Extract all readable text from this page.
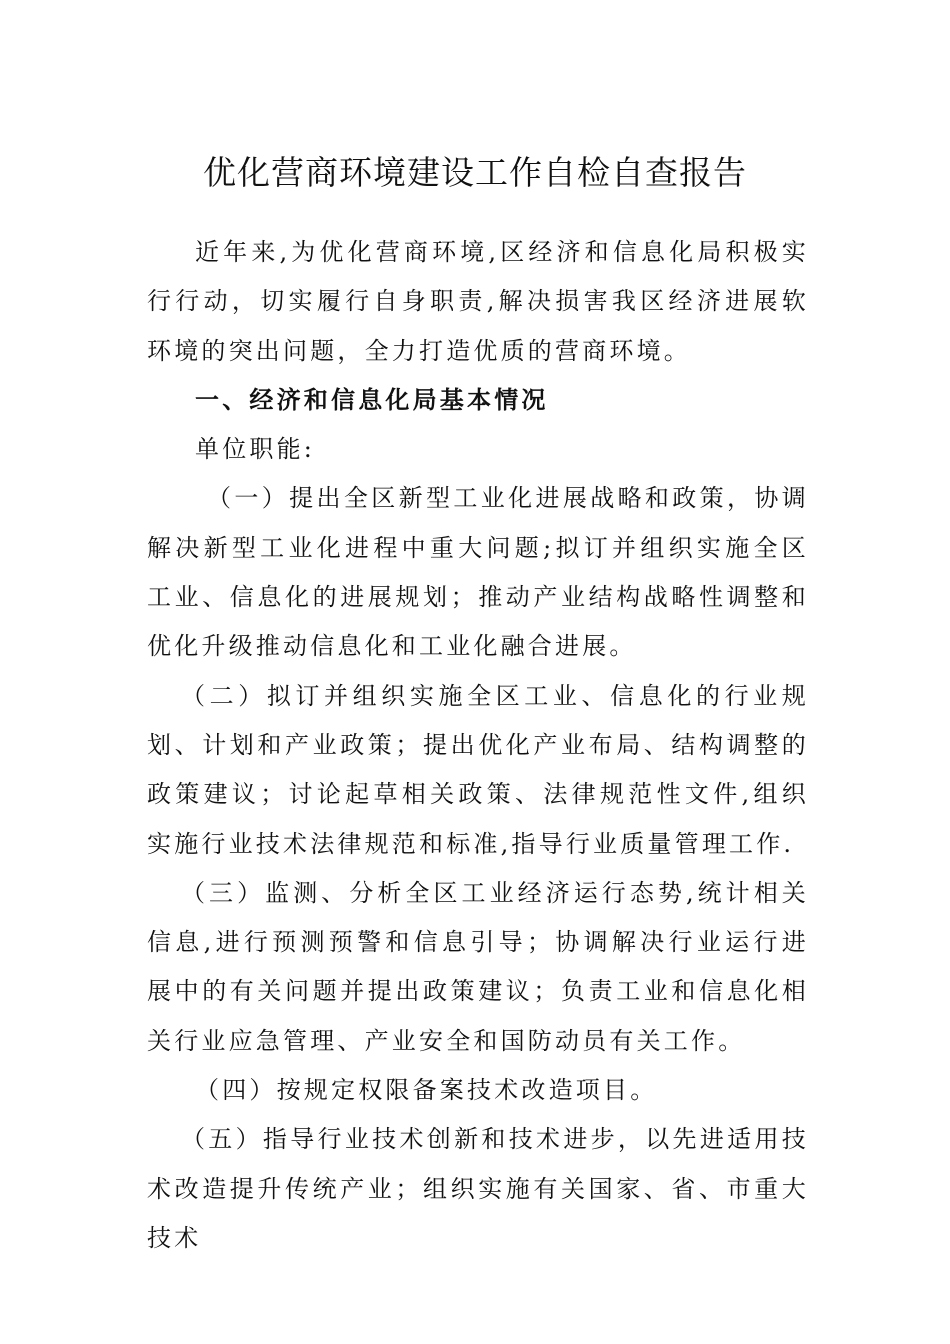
优化营商环境建设工作自检自查报告

近年来,为优化营商环境,区经济和信息化局积极实行行动，切实履行自身职责,解决损害我区经济进展软环境的突出问题，全力打造优质的营商环境。

一、经济和信息化局基本情况

单位职能:

（一）提出全区新型工业化进展战略和政策，协调解决新型工业化进程中重大问题;拟订并组织实施全区工业、信息化的进展规划；推动产业结构战略性调整和优化升级推动信息化和工业化融合进展。

（二）拟订并组织实施全区工业、信息化的行业规划、计划和产业政策；提出优化产业布局、结构调整的政策建议；讨论起草相关政策、法律规范性文件,组织实施行业技术法律规范和标准,指导行业质量管理工作.

（三）监测、分析全区工业经济运行态势,统计相关信息,进行预测预警和信息引导；协调解决行业运行进展中的有关问题并提出政策建议；负责工业和信息化相关行业应急管理、产业安全和国防动员有关工作。

（四）按规定权限备案技术改造项目。

（五）指导行业技术创新和技术进步，以先进适用技术改造提升传统产业；组织实施有关国家、省、市重大技术
